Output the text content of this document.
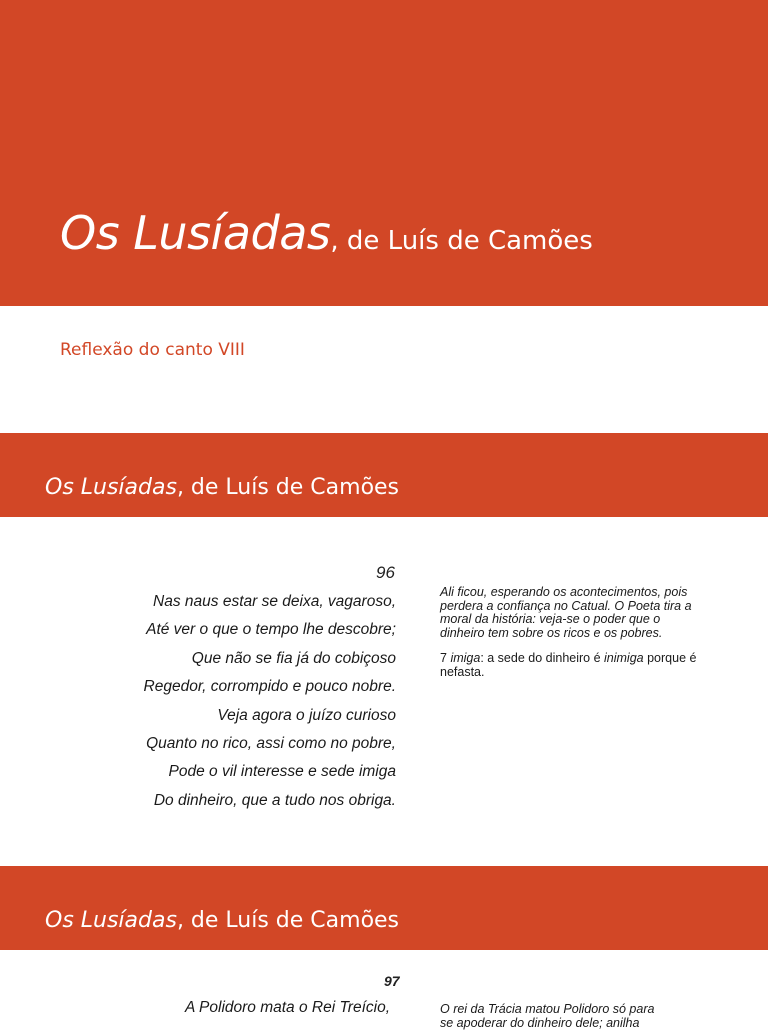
Os Lusíadas, de Luís de Camões
Reflexão do canto VIII
Os Lusíadas, de Luís de Camões
96
Nas naus estar se deixa, vagaroso,
Até ver o que o tempo lhe descobre;
Que não se fia já do cobiçoso
Regedor, corrompido e pouco nobre.
Veja agora o juízo curioso
Quanto no rico, assi como no pobre,
Pode o vil interesse e sede imiga
Do dinheiro, que a tudo nos obriga.

Ali ficou, esperando os acontecimentos, pois perdera a confiança no Catual. O Poeta tira a moral da história: veja-se o poder que o dinheiro tem sobre os ricos e os pobres.

7 imiga: a sede do dinheiro é inimiga porque é nefasta.

Os Lusíadas, de Luís de Camões
97
A Polidoro mata o Rei Treício,	O rei da Trácia matou Polidoro só para
se apoderar do dinheiro dele; anilha
